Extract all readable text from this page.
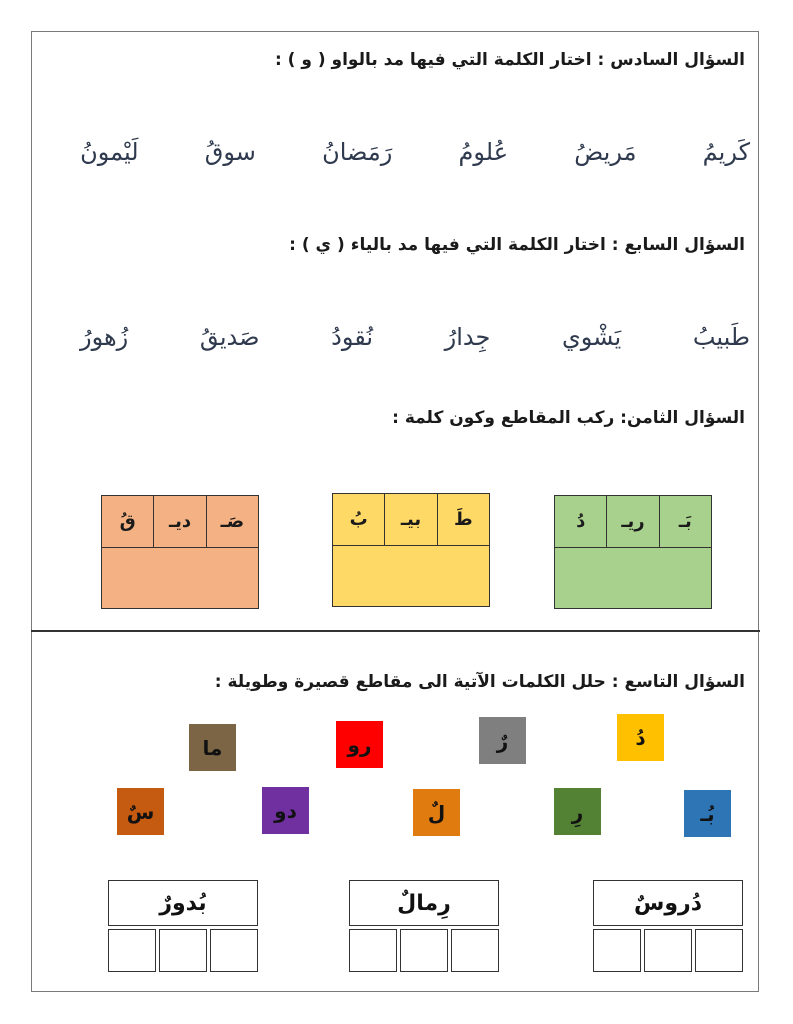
السؤال السادس : اختار الكلمة التي فيها مد بالواو ( و ) :
كَريمُ
مَريضُ
عُلومُ
رَمَضانُ
سوقُ
لَيْمونُ
السؤال السابع : اختار الكلمة التي فيها مد بالياء ( ي ) :
طَبيبُ
يَشْوي
جِدارُ
نُقودُ
صَديقُ
زُهورُ
السؤال الثامن: ركب المقاطع وكون كلمة :
بَـ
ريـ
دُ
طَ
بيـ
بُ
صَـ
ديـ
قُ
السؤال التاسع : حلل الكلمات الآتية الى مقاطع قصيرة وطويلة :
دُ
رٌ
رو
ما
بُـ
رِ
لٌ
دو
سٌ
دُروسٌ
رِمالٌ
بُدورٌ
